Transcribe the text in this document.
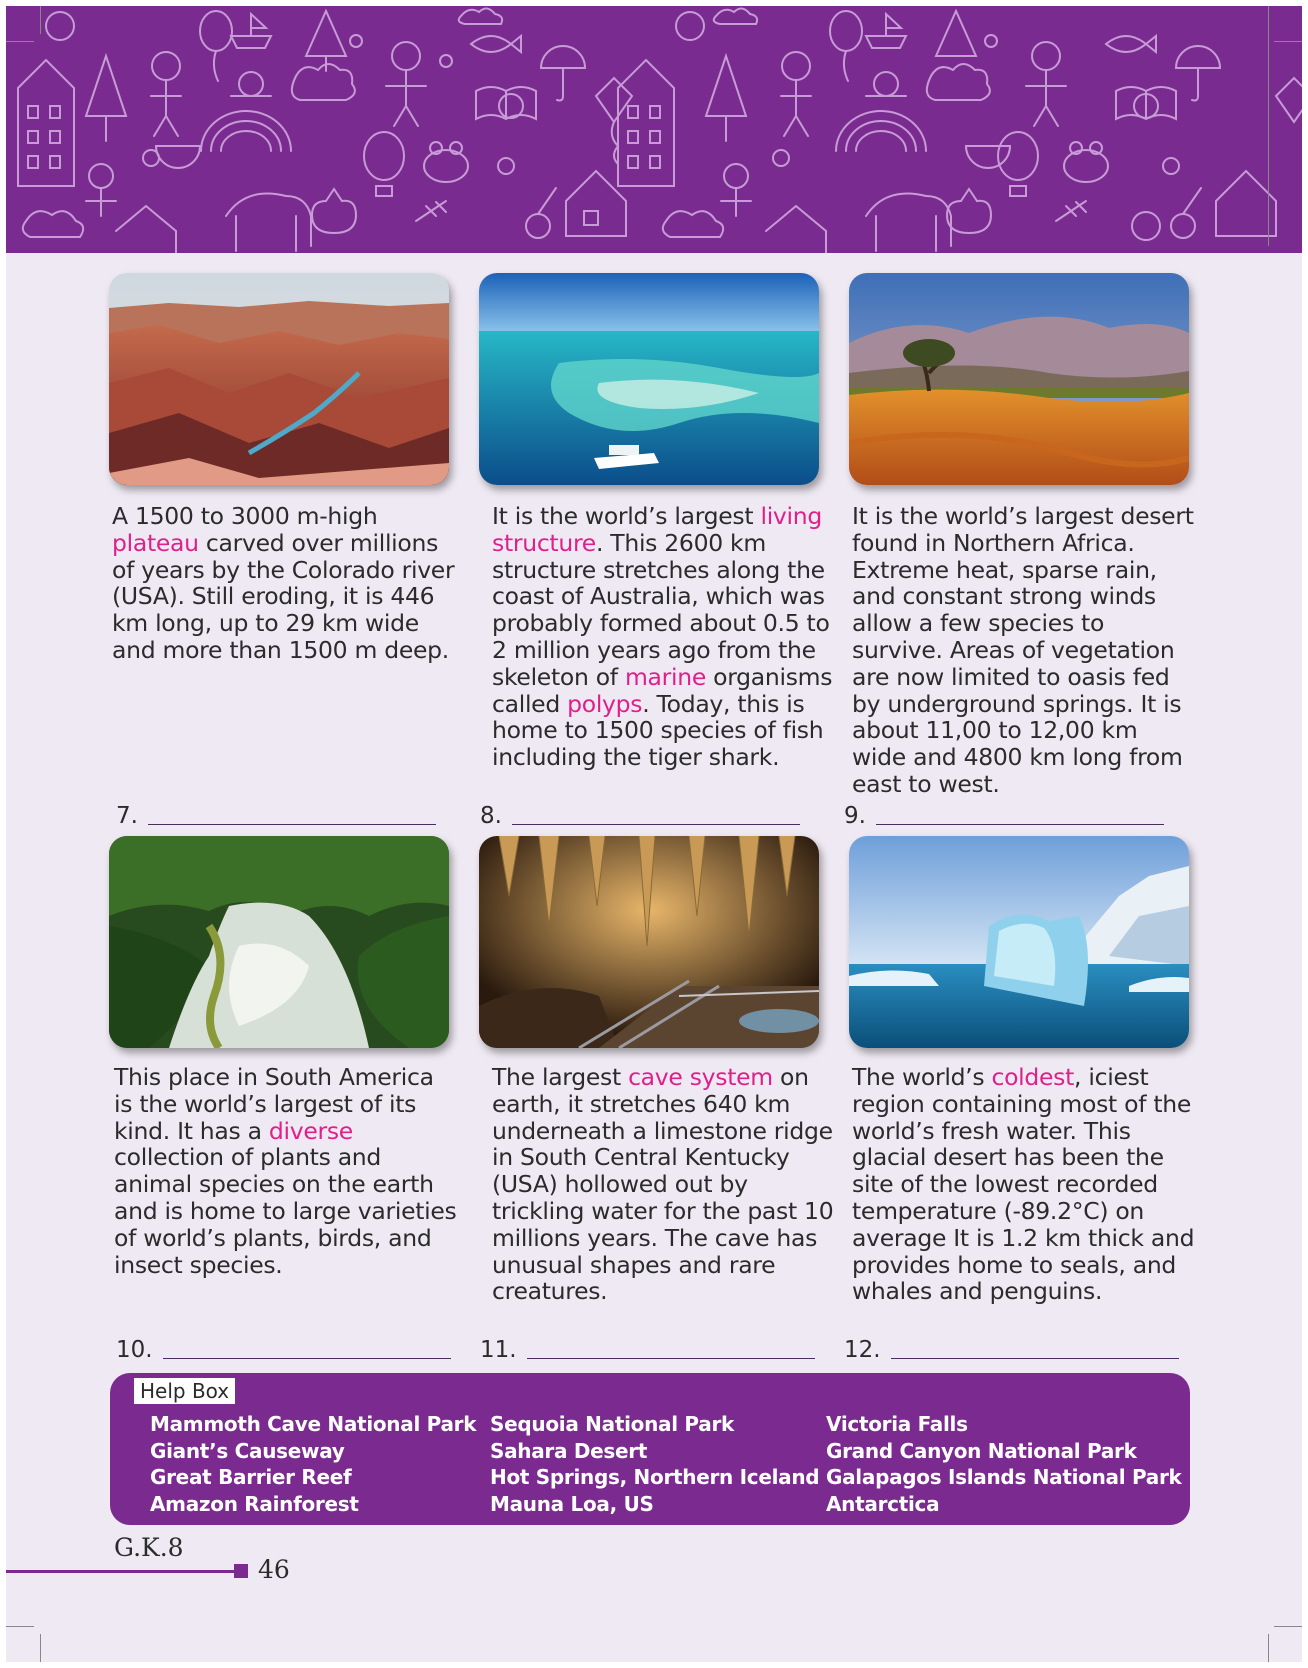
A 1500 to 3000 m-high plateau carved over millions of years by the Colorado river (USA). Still eroding, it is 446 km long, up to 29 km wide and more than 1500 m deep.
It is the world’s largest living structure. This 2600 km structure stretches along the coast of Australia, which was probably formed about 0.5 to 2 million years ago from the skeleton of marine organisms called polyps. Today, this is home to 1500 species of fish including the tiger shark.
It is the world’s largest desert found in Northern Africa. Extreme heat, sparse rain, and constant strong winds allow a few species to survive. Areas of vegetation are now limited to oasis fed by underground springs. It is about 11,00 to 12,00 km wide and 4800 km long from east to west.
7.	8.	9.
This place in South America is the world’s largest of its kind. It has a diverse collection of plants and animal species on the earth and is home to large varieties of world’s plants, birds, and insect species.
The largest cave system on earth, it stretches 640 km underneath a limestone ridge in South Central Kentucky (USA) hollowed out by trickling water for the past 10 millions years. The cave has unusual shapes and rare creatures.
The world’s coldest, iciest region containing most of the world’s fresh water. This glacial desert has been the site of the lowest recorded temperature (-89.2°C) on average It is 1.2 km thick and provides home to seals, and whales and penguins.
10.	11.	12.
Help Box
Mammoth Cave National Park
Giant’s Causeway
Great Barrier Reef
Amazon Rainforest
Sequoia National Park
Sahara Desert
Hot Springs, Northern Iceland
Mauna Loa, US
Victoria Falls
Grand Canyon National Park
Galapagos Islands National Park
Antarctica
G.K.8
46
